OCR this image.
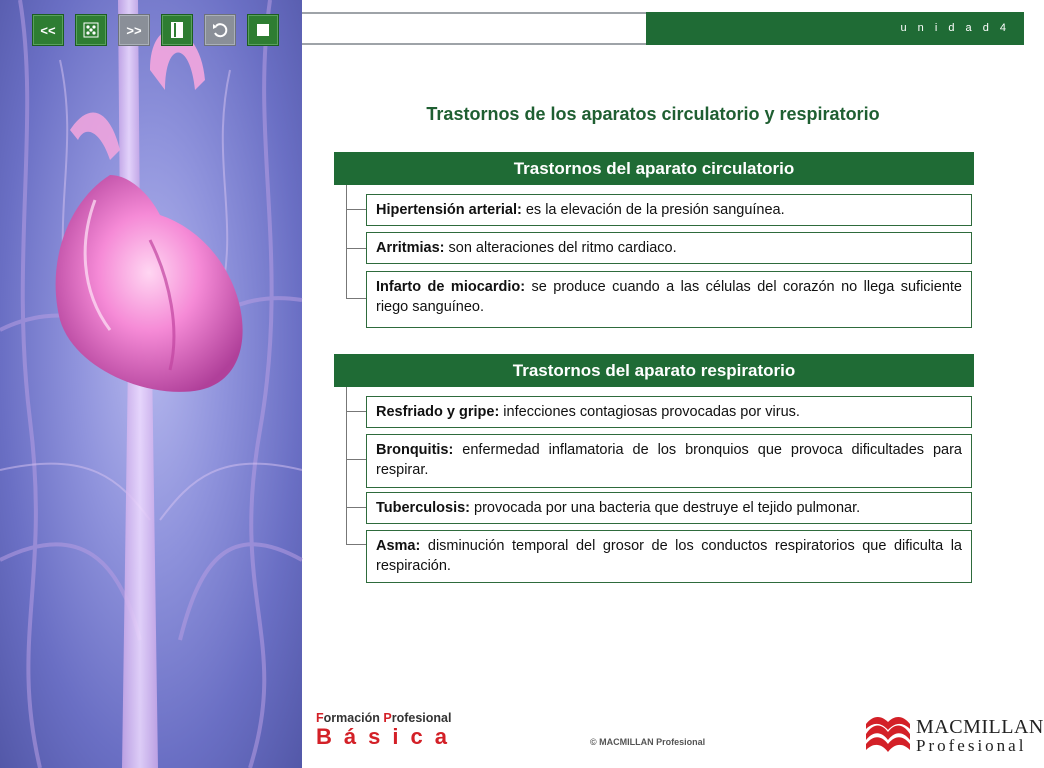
<<	>>	u n i d a d 4
Trastornos de los aparatos circulatorio y respiratorio
Trastornos del aparato circulatorio
Hipertensión arterial: es la elevación de la presión sanguínea.
Arritmias: son alteraciones del ritmo cardiaco.
Infarto de miocardio: se produce cuando a las células del corazón no llega suficiente riego sanguíneo.
Trastornos del aparato respiratorio
Resfriado y gripe: infecciones contagiosas provocadas por virus.
Bronquitis: enfermedad inflamatoria de los bronquios que provoca dificultades para respirar.
Tuberculosis: provocada por una bacteria que destruye el tejido pulmonar.
Asma: disminución temporal del grosor de los conductos respiratorios que dificulta la respiración.
Formación Profesional
Básica	© MACMILLAN Profesional
MACMILLAN
Profesional
